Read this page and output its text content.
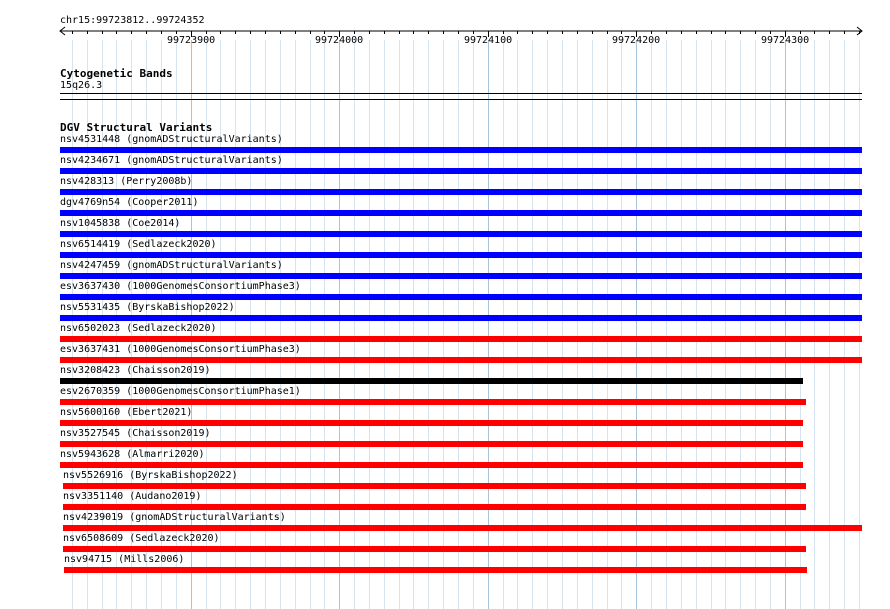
chr15:99723812..99724352
99723900	99724000	99724100	99724200	99724300
Cytogenetic Bands
15q26.3
DGV Structural Variants
nsv4531448 (gnomADStructuralVariants)
nsv4234671 (gnomADStructuralVariants)
nsv428313 (Perry2008b)
dgv4769n54 (Cooper2011)
nsv1045838 (Coe2014)
nsv6514419 (Sedlazeck2020)
nsv4247459 (gnomADStructuralVariants)
esv3637430 (1000GenomesConsortiumPhase3)
nsv5531435 (ByrskaBishop2022)
nsv6502023 (Sedlazeck2020)
esv3637431 (1000GenomesConsortiumPhase3)
nsv3208423 (Chaisson2019)
esv2670359 (1000GenomesConsortiumPhase1)
nsv5600160 (Ebert2021)
nsv3527545 (Chaisson2019)
nsv5943628 (Almarri2020)
nsv5526916 (ByrskaBishop2022)
nsv3351140 (Audano2019)
nsv4239019 (gnomADStructuralVariants)
nsv6508609 (Sedlazeck2020)
nsv94715 (Mills2006)
